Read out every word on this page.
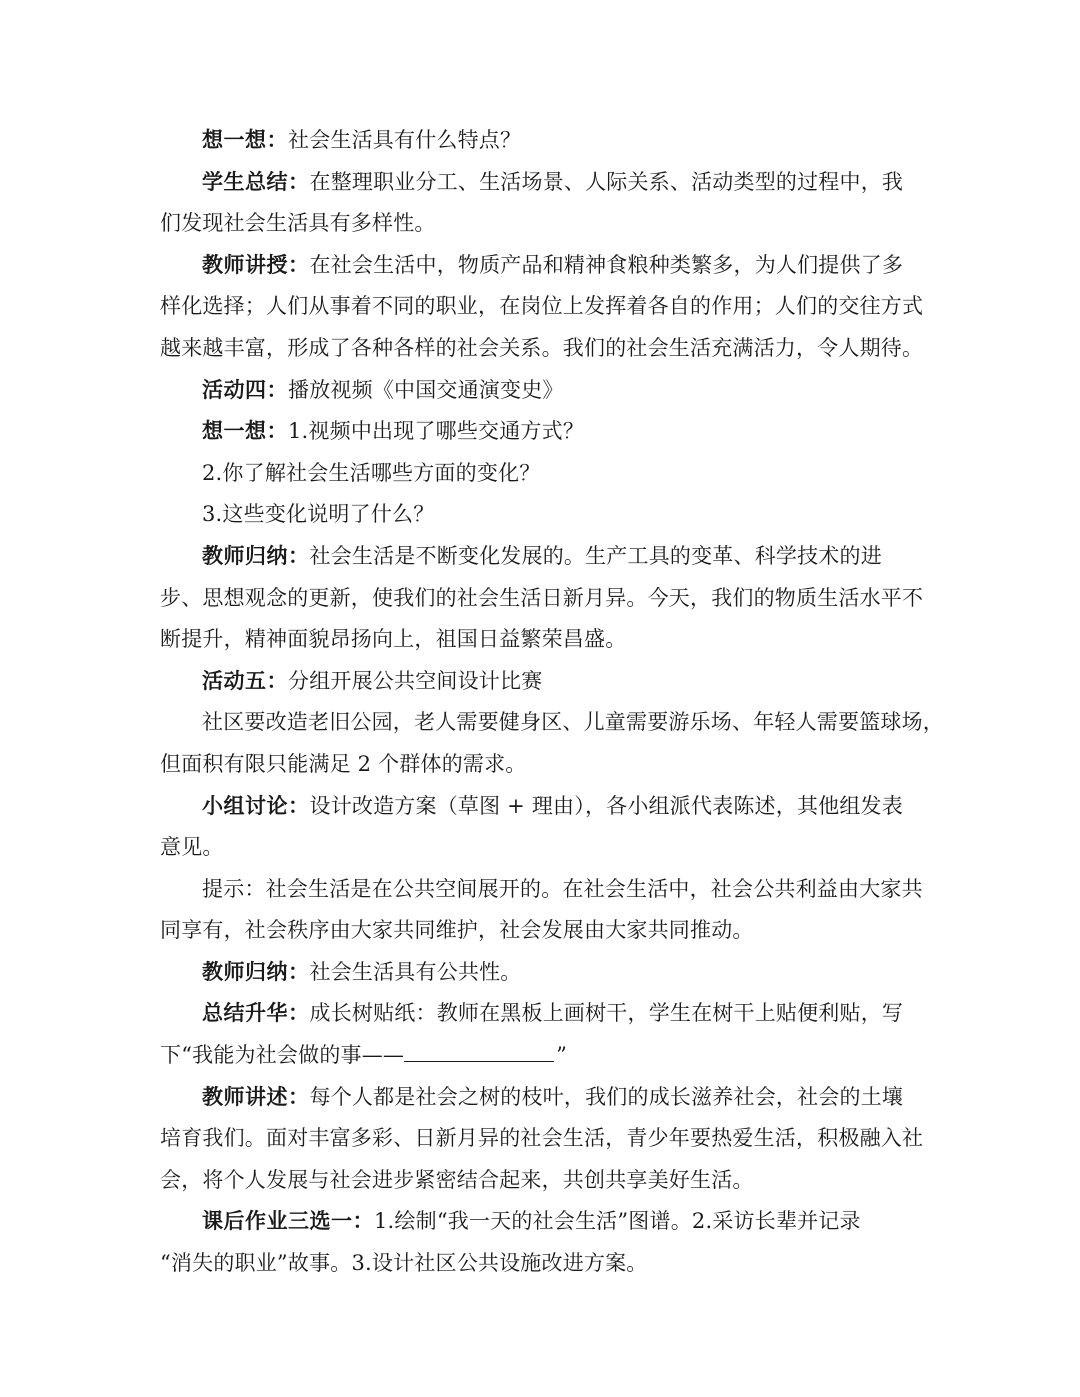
想一想：社会生活具有什么特点？
学生总结：在整理职业分工、生活场景、人际关系、活动类型的过程中，我
们发现社会生活具有多样性。
教师讲授：在社会生活中，物质产品和精神食粮种类繁多，为人们提供了多
样化选择；人们从事着不同的职业，在岗位上发挥着各自的作用；人们的交往方式
越来越丰富，形成了各种各样的社会关系。我们的社会生活充满活力，令人期待。
活动四：播放视频《中国交通演变史》
想一想：1.视频中出现了哪些交通方式？
2.你了解社会生活哪些方面的变化？
3.这些变化说明了什么？
教师归纳：社会生活是不断变化发展的。生产工具的变革、科学技术的进
步、思想观念的更新，使我们的社会生活日新月异。今天，我们的物质生活水平不
断提升，精神面貌昂扬向上，祖国日益繁荣昌盛。
活动五：分组开展公共空间设计比赛
社区要改造老旧公园，老人需要健身区、儿童需要游乐场、年轻人需要篮球场，
但面积有限只能满足 2 个群体的需求。
小组讨论：设计改造方案（草图 + 理由），各小组派代表陈述，其他组发表
意见。
提示：社会生活是在公共空间展开的。在社会生活中，社会公共利益由大家共
同享有，社会秩序由大家共同维护，社会发展由大家共同推动。
教师归纳：社会生活具有公共性。
总结升华：成长树贴纸：教师在黑板上画树干，学生在树干上贴便利贴，写
下“我能为社会做的事——	”
教师讲述：每个人都是社会之树的枝叶，我们的成长滋养社会，社会的土壤
培育我们。面对丰富多彩、日新月异的社会生活，青少年要热爱生活，积极融入社
会，将个人发展与社会进步紧密结合起来，共创共享美好生活。
课后作业三选一：1.绘制“我一天的社会生活”图谱。2.采访长辈并记录
“消失的职业”故事。3.设计社区公共设施改进方案。
